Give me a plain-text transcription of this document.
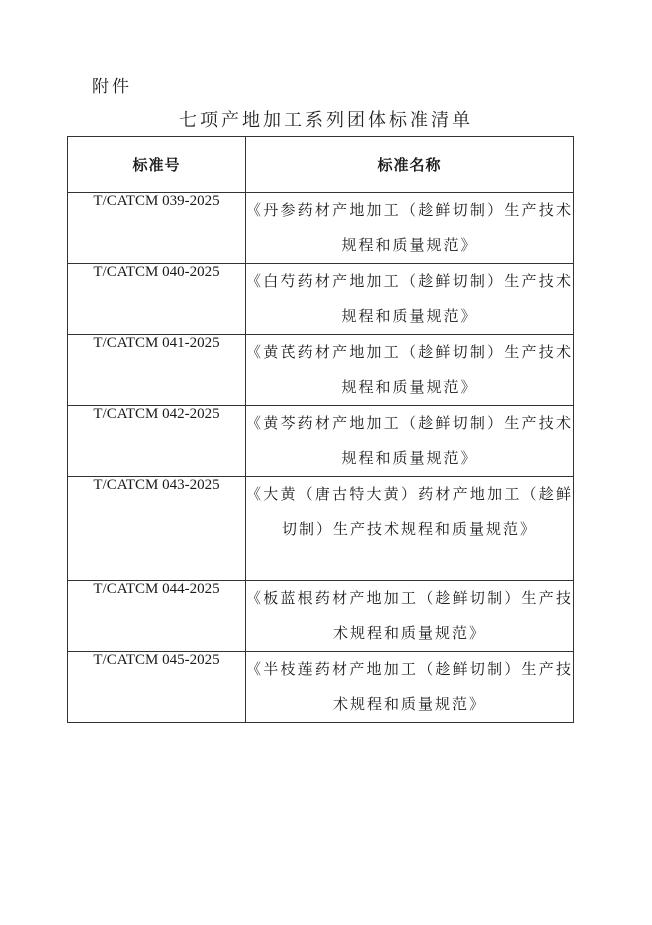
附件
七项产地加工系列团体标准清单
标准号	标准名称
T/CATCM 039-2025	《丹参药材产地加工（趁鲜切制）生产技术规程和质量规范》
T/CATCM 040-2025	《白芍药材产地加工（趁鲜切制）生产技术规程和质量规范》
T/CATCM 041-2025	《黄芪药材产地加工（趁鲜切制）生产技术规程和质量规范》
T/CATCM 042-2025	《黄芩药材产地加工（趁鲜切制）生产技术规程和质量规范》
T/CATCM 043-2025	《大黄（唐古特大黄）药材产地加工（趁鲜切制）生产技术规程和质量规范》
T/CATCM 044-2025	《板蓝根药材产地加工（趁鲜切制）生产技术规程和质量规范》
T/CATCM 045-2025	《半枝莲药材产地加工（趁鲜切制）生产技术规程和质量规范》
